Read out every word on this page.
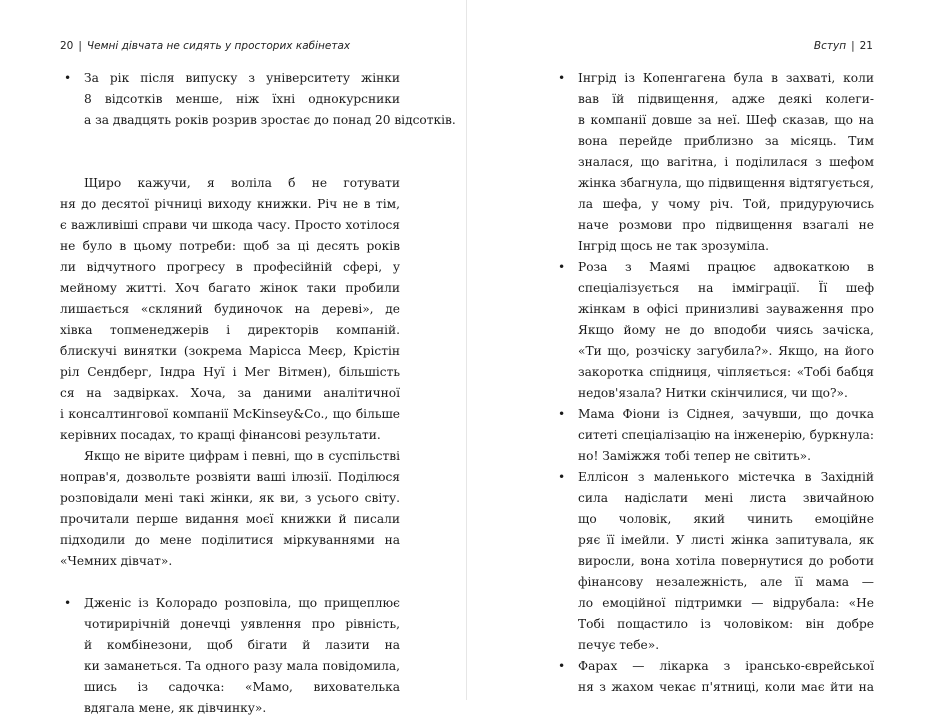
20 | Чемні дівчата не сидять у просторих кабінетах
• За рік після випуску з університету жінки
8 відсотків менше, ніж їхні однокурсники
а за двадцять років розрив зростає до понад 20 відсотків.
Щиро кажучи, я воліла б не готувати
ня до десятої річниці виходу книжки. Річ не в тім,
є важливіші справи чи шкода часу. Просто хотілося
не було в цьому потреби: щоб за ці десять років
ли відчутного прогресу в професійній сфері, у
мейному житті. Хоч багато жінок таки пробили
лишається «скляний будиночок на дереві», де
хівка топменеджерів і директорів компаній.
блискучі винятки (зокрема Марісса Меєр, Крістін
ріл Сендберг, Індра Нуї і Мег Вітмен), більшість
ся на задвірках. Хоча, за даними аналітичної
і консалтингової компанії McKinsey&Co., що більше
керівних посадах, то кращі фінансові результати.
Якщо не вірите цифрам і певні, що в суспільстві
ноправ'я, дозвольте розвіяти ваші ілюзії. Поділюся
розповідали мені такі жінки, як ви, з усього світу.
прочитали перше видання моєї книжки й писали
підходили до мене поділитися міркуваннями на
«Чемних дівчат».
• Дженіс із Колорадо розповіла, що прищеплює чотирирічній донечці уявлення про рівність,
й комбінезони, щоб бігати й лазити на
ки заманеться. Та одного разу мала повідомила,
шись із садочка: «Мамо, вихователька
вдягала мене, як дівчинку».
Вступ | 21
• Інгрід із Копенгагена була в захваті, коли
вав їй підвищення, адже деякі колеги-
в компанії довше за неї. Шеф сказав, що на
вона перейде приблизно за місяць. Тим
зналася, що вагітна, і поділилася з шефом
жінка збагнула, що підвищення відтягується,
ла шефа, у чому річ. Той, придуруючись
наче розмови про підвищення взагалі не
Інгрід щось не так зрозуміла.
• Роза з Маямі працює адвокаткою в
спеціалізується на імміграції. Її шеф
жінкам в офісі принизливі зауваження про
Якщо йому не до вподоби чиясь зачіска,
«Ти що, розчіску загубила?». Якщо, на його
закоротка спідниця, чіпляється: «Тобі бабця
недов'язала? Нитки скінчилися, чи що?».
• Мама Фіони із Сіднея, зачувши, що дочка
ситеті спеціалізацію на інженерію, буркнула:
но! Заміжжя тобі тепер не світить».
• Еллісон з маленького містечка в Західній
сила надіслати мені листа звичайною
що чоловік, який чинить емоційне
ряє її імейли. У листі жінка запитувала, як
виросли, вона хотіла повернутися до роботи
фінансову незалежність, але її мама —
ло емоційної підтримки — відрубала: «Не
Тобі пощастило із чоловіком: він добре
печує тебе».
• Фарах — лікарка з іранськo-єврейської
ня з жахом чекає п'ятниці, коли має йти на
